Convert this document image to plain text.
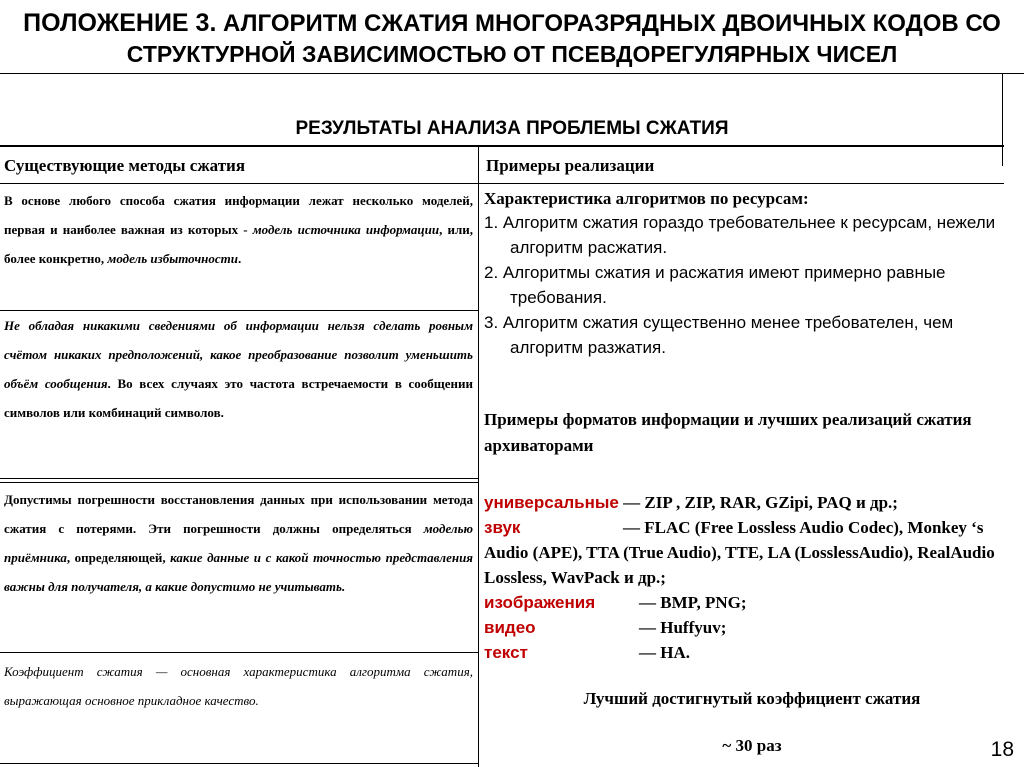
ПОЛОЖЕНИЕ 3. АЛГОРИТМ СЖАТИЯ МНОГОРАЗРЯДНЫХ ДВОИЧНЫХ КОДОВ СО
СТРУКТУРНОЙ ЗАВИСИМОСТЬЮ ОТ ПСЕВДОРЕГУЛЯРНЫХ ЧИСЕЛ
РЕЗУЛЬТАТЫ АНАЛИЗА ПРОБЛЕМЫ СЖАТИЯ
Существующие методы сжатия	Примеры реализации
В основе любого способа сжатия информации лежат несколько моделей, первая и наиболее важная из которых - модель источника информации, или, более конкретно, модель избыточности.
Не обладая никакими сведениями об информации нельзя сделать ровным счётом никаких предположений, какое преобразование позволит уменьшить объём сообщения. Во всех случаях это частота встречаемости в сообщении символов или комбинаций символов.
Допустимы погрешности восстановления данных при использовании метода сжатия с потерями. Эти погрешности должны определяться моделью приёмника, определяющей, какие данные и с какой точностью представления важны для получателя, а какие допустимо не учитывать.
Коэффициент сжатия — основная характеристика алгоритма сжатия, выражающая основное прикладное качество.
Характеристика алгоритмов по ресурсам:
1. Алгоритм сжатия гораздо требовательнее к ресурсам, нежели алгоритм расжатия.
2. Алгоритмы сжатия и расжатия имеют примерно равные требования.
3. Алгоритм сжатия существенно менее требователен, чем алгоритм разжатия.
Примеры форматов информации и лучших реализаций сжатия архиваторами
универсальные — ZIP , ZIP, RAR, GZipi, PAQ и др.;
звук	— FLAC (Free Lossless Audio Codec), Monkey ‘s Audio (APE), TTA (True Audio), TTE, LA (LosslessAudio), RealAudio Lossless, WavPack и др.;
изображения	— BMP, PNG;
видео	— Huffyuv;
текст	— HA.
Лучший достигнутый коэффициент сжатия
~ 30 раз	18
